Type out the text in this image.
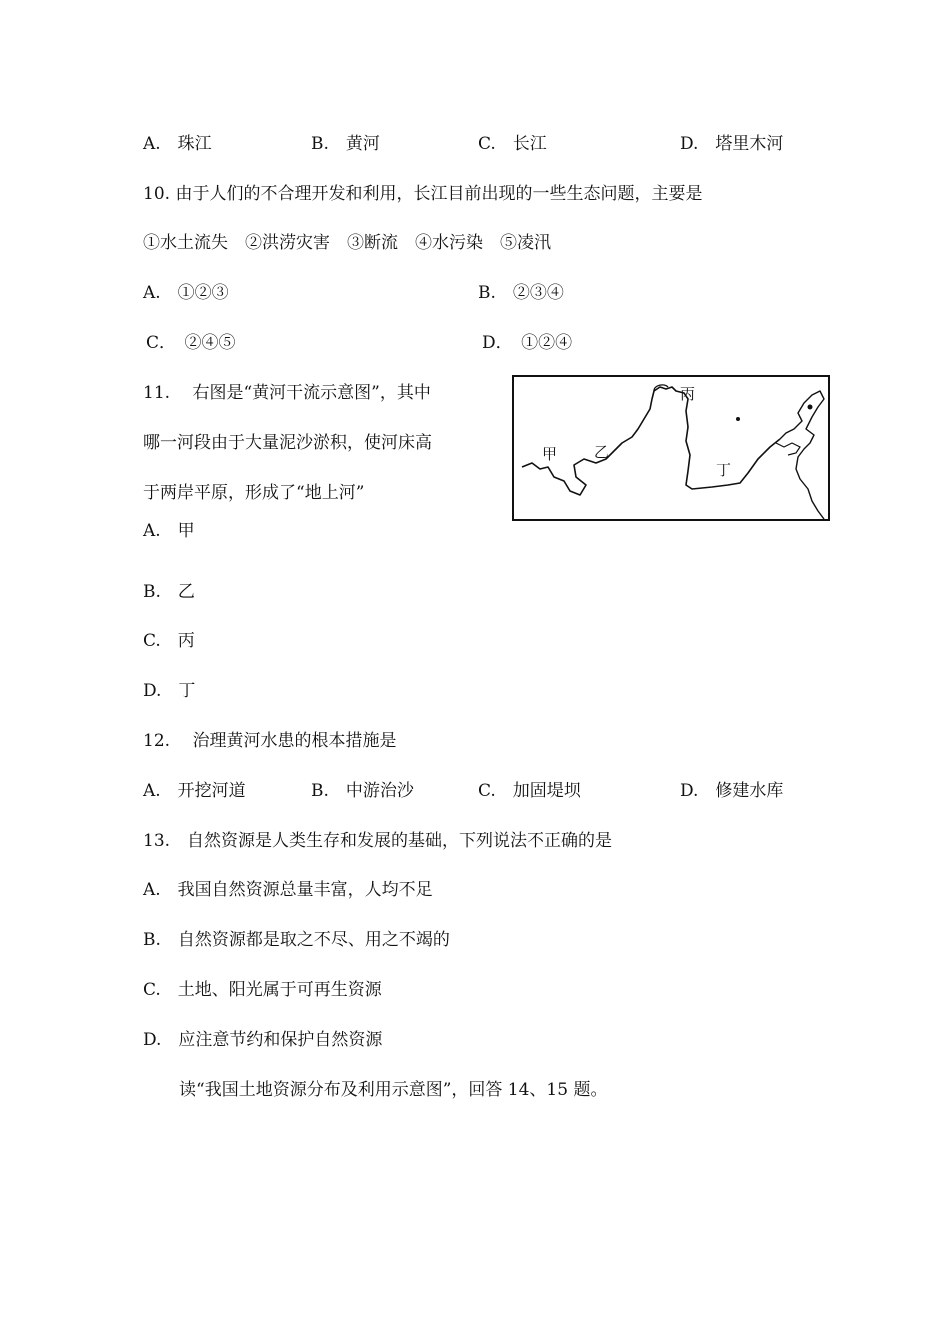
A.　珠江	B.　黄河	C.　长江	D.　塔里木河
10. 由于人们的不合理开发和利用，长江目前出现的一些生态问题，主要是
①水土流失　②洪涝灾害　③断流　④水污染　⑤凌汛
A.　①②③	B.　②③④
C．　②④⑤	D．　①②④
11.　 右图是“黄河干流示意图”，其中
哪一河段由于大量泥沙淤积，使河床高
于两岸平原，形成了“地上河”
甲 乙
丙
丁
A.　甲
B.　乙
C.　丙
D.　丁
12.　 治理黄河水患的根本措施是
A.　开挖河道	B.　中游治沙	C.　加固堤坝	D.　修建水库
13.　自然资源是人类生存和发展的基础，下列说法不正确的是
A.　我国自然资源总量丰富，人均不足
B.　自然资源都是取之不尽、用之不竭的
C.　土地、阳光属于可再生资源
D.　应注意节约和保护自然资源
读“我国土地资源分布及利用示意图”，回答 14、15 题。
